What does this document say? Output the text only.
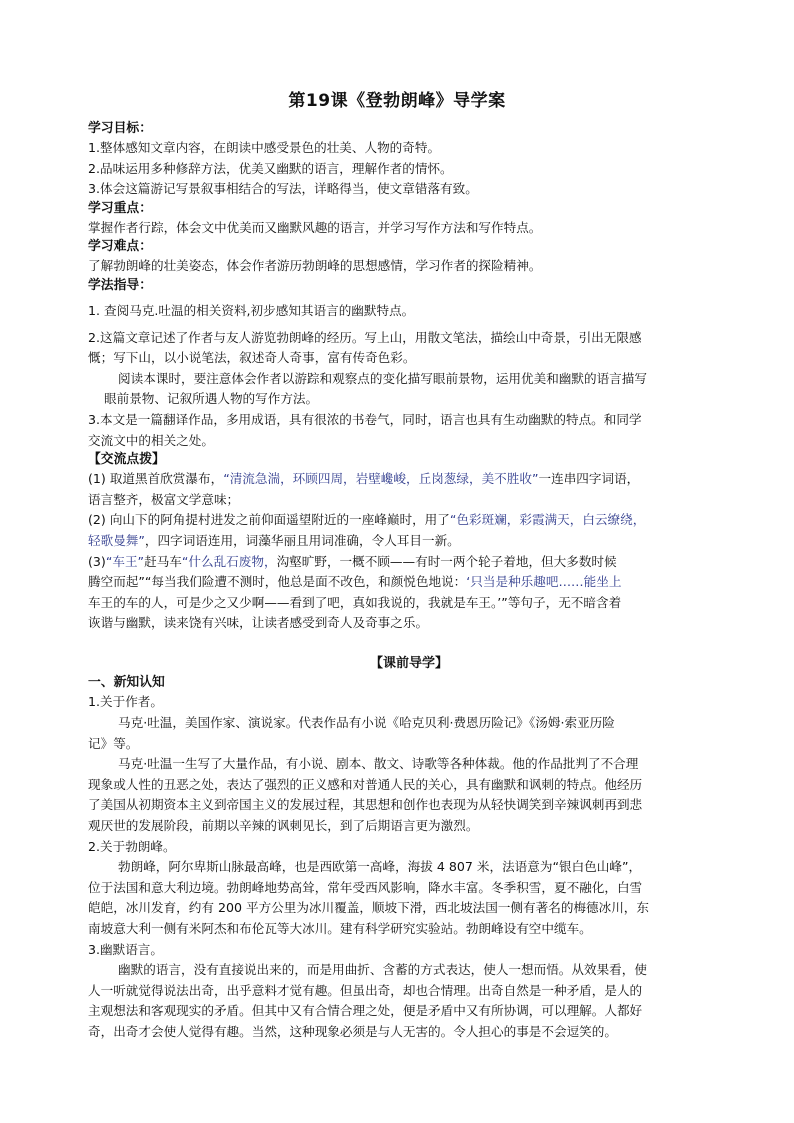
第19课《登勃朗峰》导学案

学习目标：

1.整体感知文章内容，在朗读中感受景色的壮美、人物的奇特。

2.品味运用多种修辞方法，优美又幽默的语言，理解作者的情怀。

3.体会这篇游记写景叙事相结合的写法，详略得当，使文章错落有致。

学习重点：

掌握作者行踪，体会文中优美而又幽默风趣的语言，并学习写作方法和写作特点。

学习难点：

了解勃朗峰的壮美姿态，体会作者游历勃朗峰的思想感情，学习作者的探险精神。

学法指导：

1. 查阅马克.吐温的相关资料,初步感知其语言的幽默特点。

2.这篇文章记述了作者与友人游览勃朗峰的经历。写上山，用散文笔法，描绘山中奇景，引出无限感

慨；写下山，以小说笔法，叙述奇人奇事，富有传奇色彩。

阅读本课时，要注意体会作者以游踪和观察点的变化描写眼前景物，运用优美和幽默的语言描写

眼前景物、记叙所遇人物的写作方法。

3.本文是一篇翻译作品，多用成语，具有很浓的书卷气，同时，语言也具有生动幽默的特点。和同学

交流文中的相关之处。

【交流点拨】

(1) 取道黑首欣赏瀑布，“清流急湍，环顾四周，岩壁巉峻，丘岗葱绿，美不胜收”一连串四字词语，

语言整齐，极富文学意味；

(2) 向山下的阿角提村进发之前仰面遥望附近的一座峰巅时，用了“色彩斑斓，彩霞满天，白云缭绕，

轻歌曼舞”，四字词语连用，词藻华丽且用词准确，令人耳目一新。

(3)“车王”赶马车“什么乱石废物，沟壑旷野，一概不顾——有时一两个轮子着地，但大多数时候

腾空而起”“每当我们险遭不测时，他总是面不改色，和颜悦色地说：‘只当是种乐趣吧……能坐上

车王的车的人，可是少之又少啊——看到了吧，真如我说的，我就是车王。’”等句子，无不暗含着

诙谐与幽默，读来饶有兴味，让读者感受到奇人及奇事之乐。

【课前导学】

一、新知认知

1.关于作者。

马克·吐温，美国作家、演说家。代表作品有小说《哈克贝利·费恩历险记》《汤姆·索亚历险

记》等。

马克·吐温一生写了大量作品，有小说、剧本、散文、诗歌等各种体裁。他的作品批判了不合理

现象或人性的丑恶之处，表达了强烈的正义感和对普通人民的关心，具有幽默和讽刺的特点。他经历

了美国从初期资本主义到帝国主义的发展过程，其思想和创作也表现为从轻快调笑到辛辣讽刺再到悲

观厌世的发展阶段，前期以辛辣的讽刺见长，到了后期语言更为激烈。

2.关于勃朗峰。

勃朗峰，阿尔卑斯山脉最高峰，也是西欧第一高峰，海拔 4 807 米，法语意为“银白色山峰”，

位于法国和意大利边境。勃朗峰地势高耸，常年受西风影响，降水丰富。冬季积雪，夏不融化，白雪

皑皑，冰川发育，约有 200 平方公里为冰川覆盖，顺坡下滑，西北坡法国一侧有著名的梅德冰川，东

南坡意大利一侧有米阿杰和布伦瓦等大冰川。建有科学研究实验站。勃朗峰设有空中缆车。

3.幽默语言。

幽默的语言，没有直接说出来的，而是用曲折、含蓄的方式表达，使人一想而悟。从效果看，使

人一听就觉得说法出奇，出乎意料才觉有趣。但虽出奇，却也合情理。出奇自然是一种矛盾，是人的

主观想法和客观现实的矛盾。但其中又有合情合理之处，便是矛盾中又有所协调，可以理解。人都好

奇，出奇才会使人觉得有趣。当然，这种现象必须是与人无害的。令人担心的事是不会逗笑的。
